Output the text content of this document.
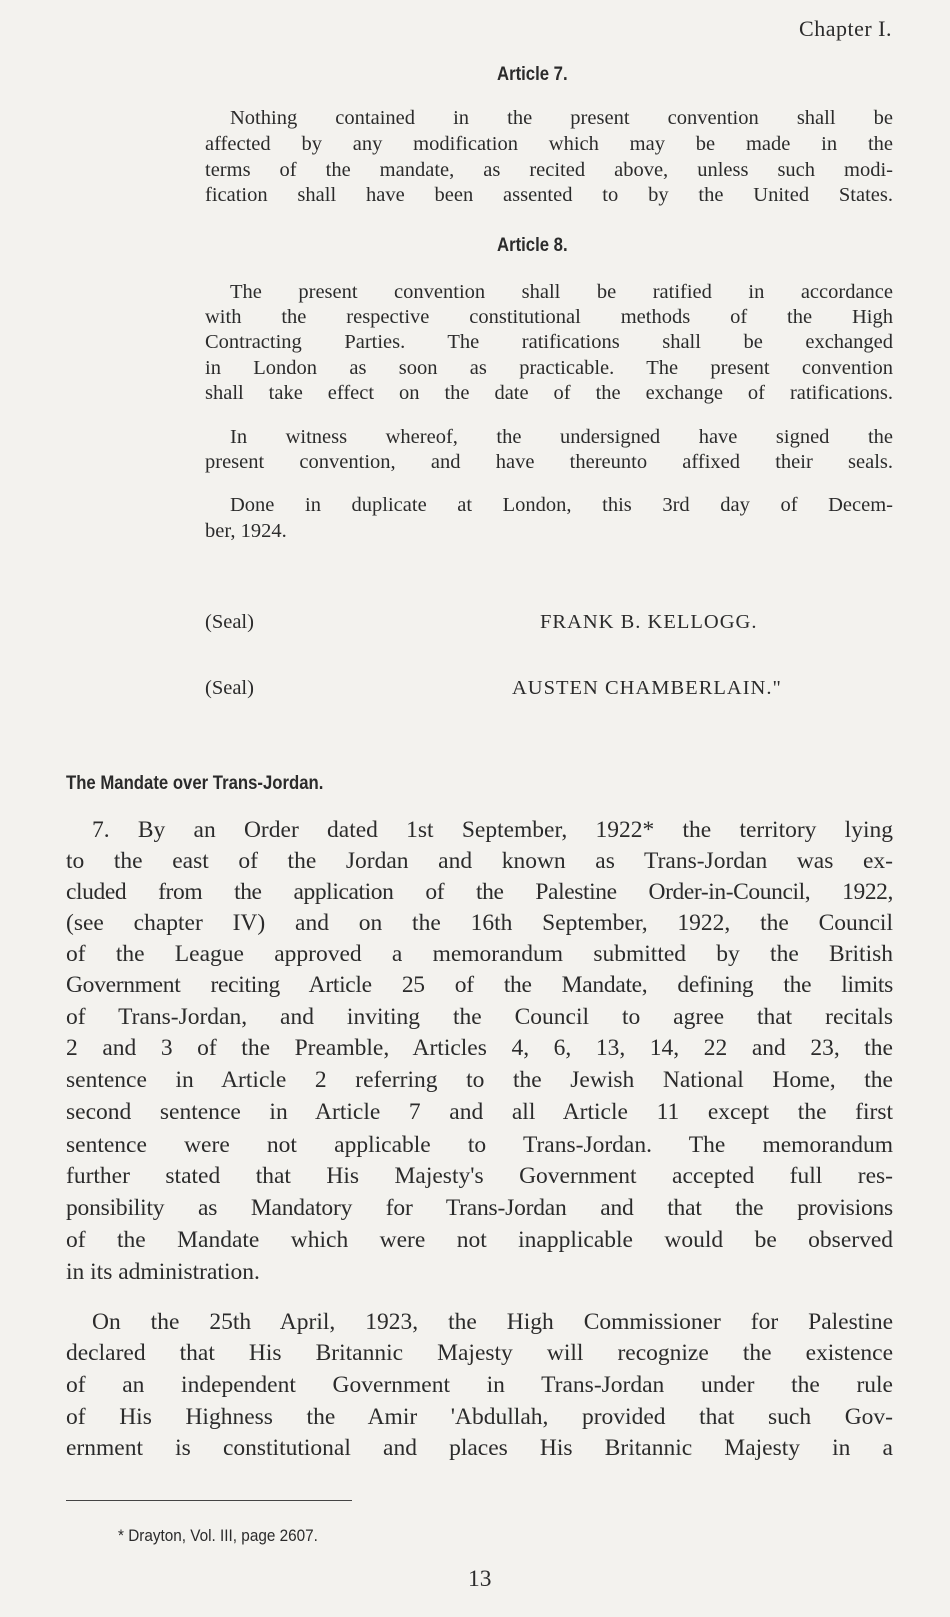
Chapter I.
Article 7.
Nothing contained in the present convention shall be
affected by any modification which may be made in the
terms of the mandate, as recited above, unless such modi-
fication shall have been assented to by the United States.
Article 8.
The present convention shall be ratified in accordance
with the respective constitutional methods of the High
Contracting Parties. The ratifications shall be exchanged
in London as soon as practicable. The present convention
shall take effect on the date of the exchange of ratifications.
In witness whereof, the undersigned have signed the
present convention, and have thereunto affixed their seals.
Done in duplicate at London, this 3rd day of Decem-
ber, 1924.
(Seal)	FRANK B. KELLOGG.
(Seal)	AUSTEN CHAMBERLAIN."
The Mandate over Trans-Jordan.
7. By an Order dated 1st September, 1922* the territory lying
to the east of the Jordan and known as Trans-Jordan was ex-
cluded from the application of the Palestine Order-in-Council, 1922,
(see chapter IV) and on the 16th September, 1922, the Council
of the League approved a memorandum submitted by the British
Government reciting Article 25 of the Mandate, defining the limits
of Trans-Jordan, and inviting the Council to agree that recitals
2 and 3 of the Preamble, Articles 4, 6, 13, 14, 22 and 23, the
sentence in Article 2 referring to the Jewish National Home, the
second sentence in Article 7 and all Article 11 except the first
sentence were not applicable to Trans-Jordan. The memorandum
further stated that His Majesty's Government accepted full res-
ponsibility as Mandatory for Trans-Jordan and that the provisions
of the Mandate which were not inapplicable would be observed
in its administration.
On the 25th April, 1923, the High Commissioner for Palestine
declared that His Britannic Majesty will recognize the existence
of an independent Government in Trans-Jordan under the rule
of His Highness the Amir 'Abdullah, provided that such Gov-
ernment is constitutional and places His Britannic Majesty in a
* Drayton, Vol. III, page 2607.
13
